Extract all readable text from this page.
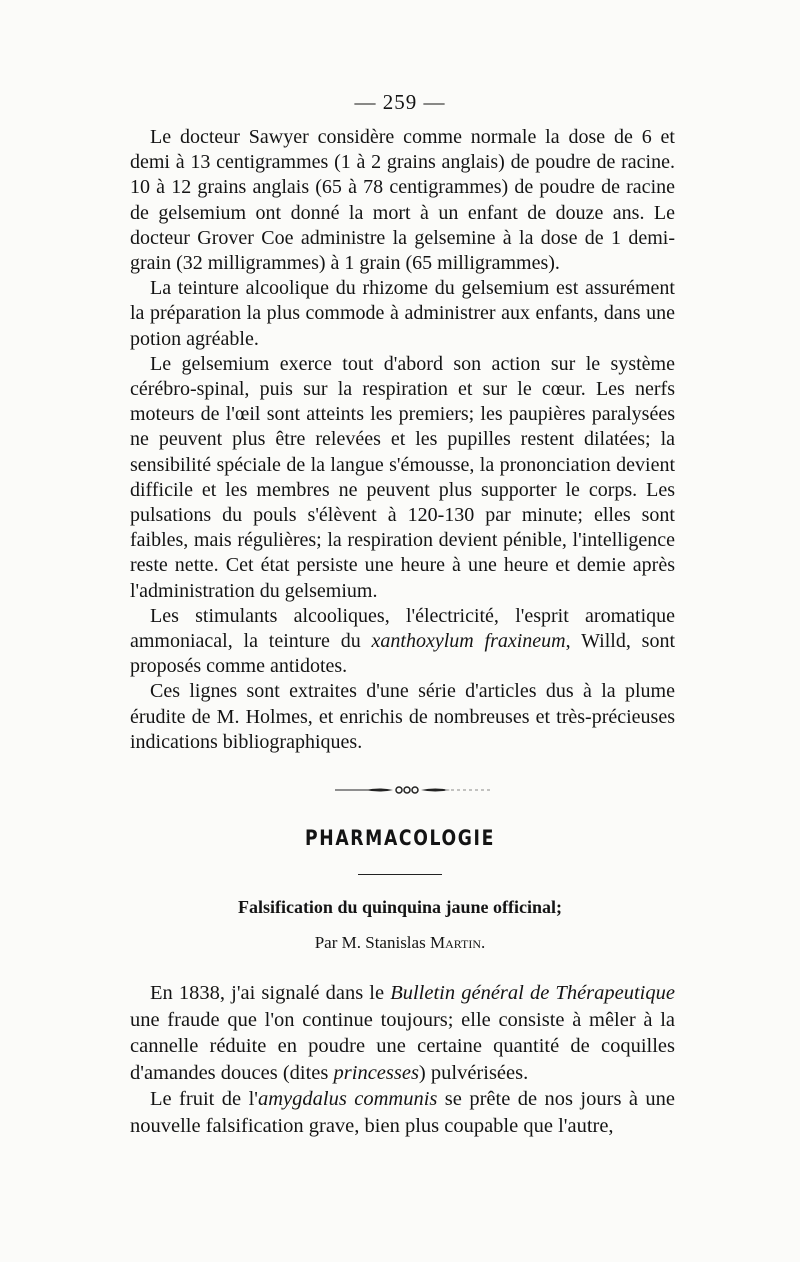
— 259 —

Le docteur Sawyer considère comme normale la dose de 6 et demi à 13 centigrammes (1 à 2 grains anglais) de poudre de racine. 10 à 12 grains anglais (65 à 78 centigrammes) de poudre de racine de gelsemium ont donné la mort à un enfant de douze ans. Le docteur Grover Coe administre la gelsemine à la dose de 1 demi-grain (32 milligrammes) à 1 grain (65 milligrammes).

La teinture alcoolique du rhizome du gelsemium est assurément la préparation la plus commode à administrer aux enfants, dans une potion agréable.

Le gelsemium exerce tout d'abord son action sur le système cérébro-spinal, puis sur la respiration et sur le cœur. Les nerfs moteurs de l'œil sont atteints les premiers; les paupières paralysées ne peuvent plus être relevées et les pupilles restent dilatées; la sensibilité spéciale de la langue s'émousse, la prononciation devient difficile et les membres ne peuvent plus supporter le corps. Les pulsations du pouls s'élèvent à 120-130 par minute; elles sont faibles, mais régulières; la respiration devient pénible, l'intelligence reste nette. Cet état persiste une heure à une heure et demie après l'administration du gelsemium.

Les stimulants alcooliques, l'électricité, l'esprit aromatique ammoniacal, la teinture du xanthoxylum fraxineum, Willd, sont proposés comme antidotes.

Ces lignes sont extraites d'une série d'articles dus à la plume érudite de M. Holmes, et enrichis de nombreuses et très-précieuses indications bibliographiques.

PHARMACOLOGIE
Falsification du quinquina jaune officinal;
Par M. Stanislas Martin.

En 1838, j'ai signalé dans le Bulletin général de Thérapeutique une fraude que l'on continue toujours; elle consiste à mêler à la cannelle réduite en poudre une certaine quantité de coquilles d'amandes douces (dites princesses) pulvérisées.

Le fruit de l'amygdalus communis se prête de nos jours à une nouvelle falsification grave, bien plus coupable que l'autre,
